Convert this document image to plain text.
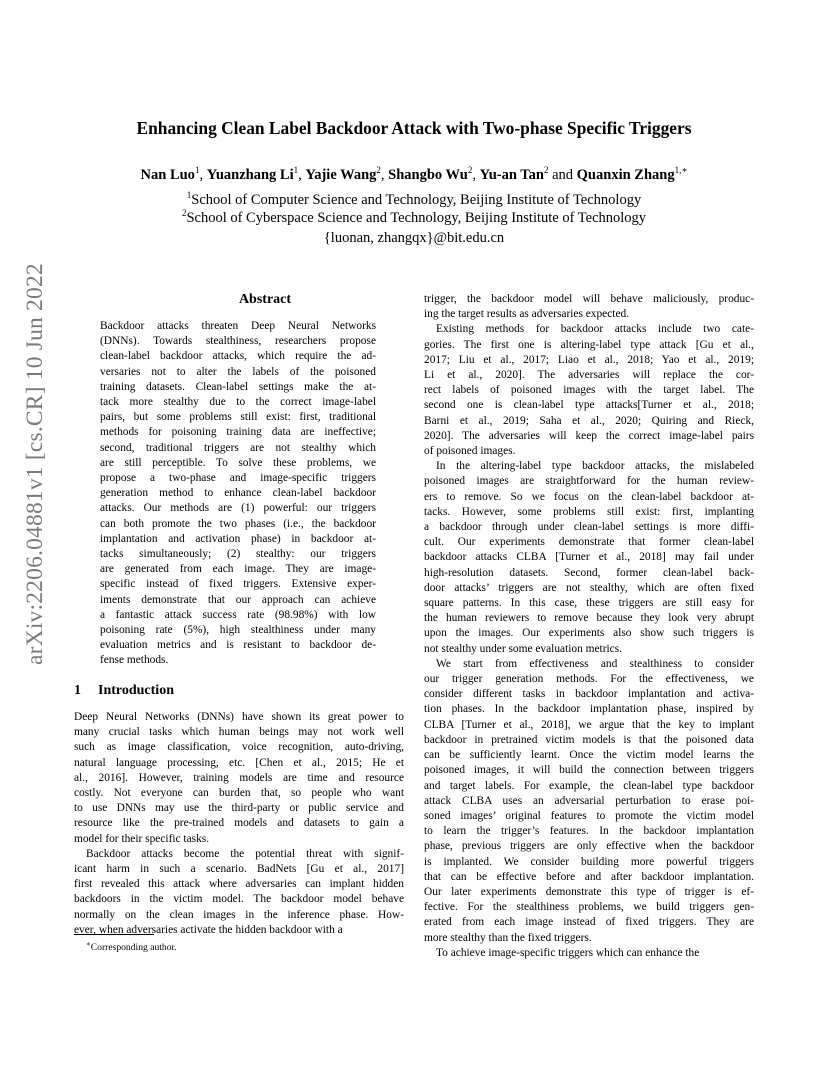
arXiv:2206.04881v1 [cs.CR] 10 Jun 2022
Enhancing Clean Label Backdoor Attack with Two-phase Specific Triggers
Nan Luo$^1$, Yuanzhang Li$^1$, Yajie Wang$^2$, Shangbo Wu$^2$, Yu-an Tan$^2$ and Quanxin Zhang$^{1,∗}$
$^1$School of Computer Science and Technology, Beijing Institute of Technology
$^2$School of Cyberspace Science and Technology, Beijing Institute of Technology
{luonan, zhangqx}@bit.edu.cn
Abstract
Backdoor attacks threaten Deep Neural Networks
(DNNs). Towards stealthiness, researchers propose
clean-label backdoor attacks, which require the ad-
versaries not to alter the labels of the poisoned
training datasets. Clean-label settings make the at-
tack more stealthy due to the correct image-label
pairs, but some problems still exist: first, traditional
methods for poisoning training data are ineffective;
second, traditional triggers are not stealthy which
are still perceptible. To solve these problems, we
propose a two-phase and image-specific triggers
generation method to enhance clean-label backdoor
attacks. Our methods are (1) powerful: our triggers
can both promote the two phases (i.e., the backdoor
implantation and activation phase) in backdoor at-
tacks simultaneously; (2) stealthy: our triggers
are generated from each image. They are image-
specific instead of fixed triggers. Extensive exper-
iments demonstrate that our approach can achieve
a fantastic attack success rate (98.98%) with low
poisoning rate (5%), high stealthiness under many
evaluation metrics and is resistant to backdoor de-
fense methods.
1 Introduction

Deep Neural Networks (DNNs) have shown its great power to
many crucial tasks which human beings may not work well
such as image classification, voice recognition, auto-driving,
natural language processing, etc. [Chen et al., 2015; He et
al., 2016]. However, training models are time and resource
costly. Not everyone can burden that, so people who want
to use DNNs may use the third-party or public service and
resource like the pre-trained models and datasets to gain a
model for their specific tasks.

Backdoor attacks become the potential threat with signif-
icant harm in such a scenario. BadNets [Gu et al., 2017]
first revealed this attack where adversaries can implant hidden
backdoors in the victim model. The backdoor model behave
normally on the clean images in the inference phase. How-
ever, when adversaries activate the hidden backdoor with a

∗Corresponding author.

trigger, the backdoor model will behave maliciously, produc-
ing the target results as adversaries expected.

Existing methods for backdoor attacks include two cate-
gories. The first one is altering-label type attack [Gu et al.,
2017; Liu et al., 2017; Liao et al., 2018; Yao et al., 2019;
Li et al., 2020]. The adversaries will replace the cor-
rect labels of poisoned images with the target label. The
second one is clean-label type attacks[Turner et al., 2018;
Barni et al., 2019; Saha et al., 2020; Quiring and Rieck,
2020]. The adversaries will keep the correct image-label pairs
of poisoned images.

In the altering-label type backdoor attacks, the mislabeled
poisoned images are straightforward for the human review-
ers to remove. So we focus on the clean-label backdoor at-
tacks. However, some problems still exist: first, implanting
a backdoor through under clean-label settings is more diffi-
cult. Our experiments demonstrate that former clean-label
backdoor attacks CLBA [Turner et al., 2018] may fail under
high-resolution datasets. Second, former clean-label back-
door attacks’ triggers are not stealthy, which are often fixed
square patterns. In this case, these triggers are still easy for
the human reviewers to remove because they look very abrupt
upon the images. Our experiments also show such triggers is
not stealthy under some evaluation metrics.

We start from effectiveness and stealthiness to consider
our trigger generation methods. For the effectiveness, we
consider different tasks in backdoor implantation and activa-
tion phases. In the backdoor implantation phase, inspired by
CLBA [Turner et al., 2018], we argue that the key to implant
backdoor in pretrained victim models is that the poisoned data
can be sufficiently learnt. Once the victim model learns the
poisoned images, it will build the connection between triggers
and target labels. For example, the clean-label type backdoor
attack CLBA uses an adversarial perturbation to erase poi-
soned images’ original features to promote the victim model
to learn the trigger’s features. In the backdoor implantation
phase, previous triggers are only effective when the backdoor
is implanted. We consider building more powerful triggers
that can be effective before and after backdoor implantation.
Our later experiments demonstrate this type of trigger is ef-
fective. For the stealthiness problems, we build triggers gen-
erated from each image instead of fixed triggers. They are
more stealthy than the fixed triggers.

To achieve image-specific triggers which can enhance the
